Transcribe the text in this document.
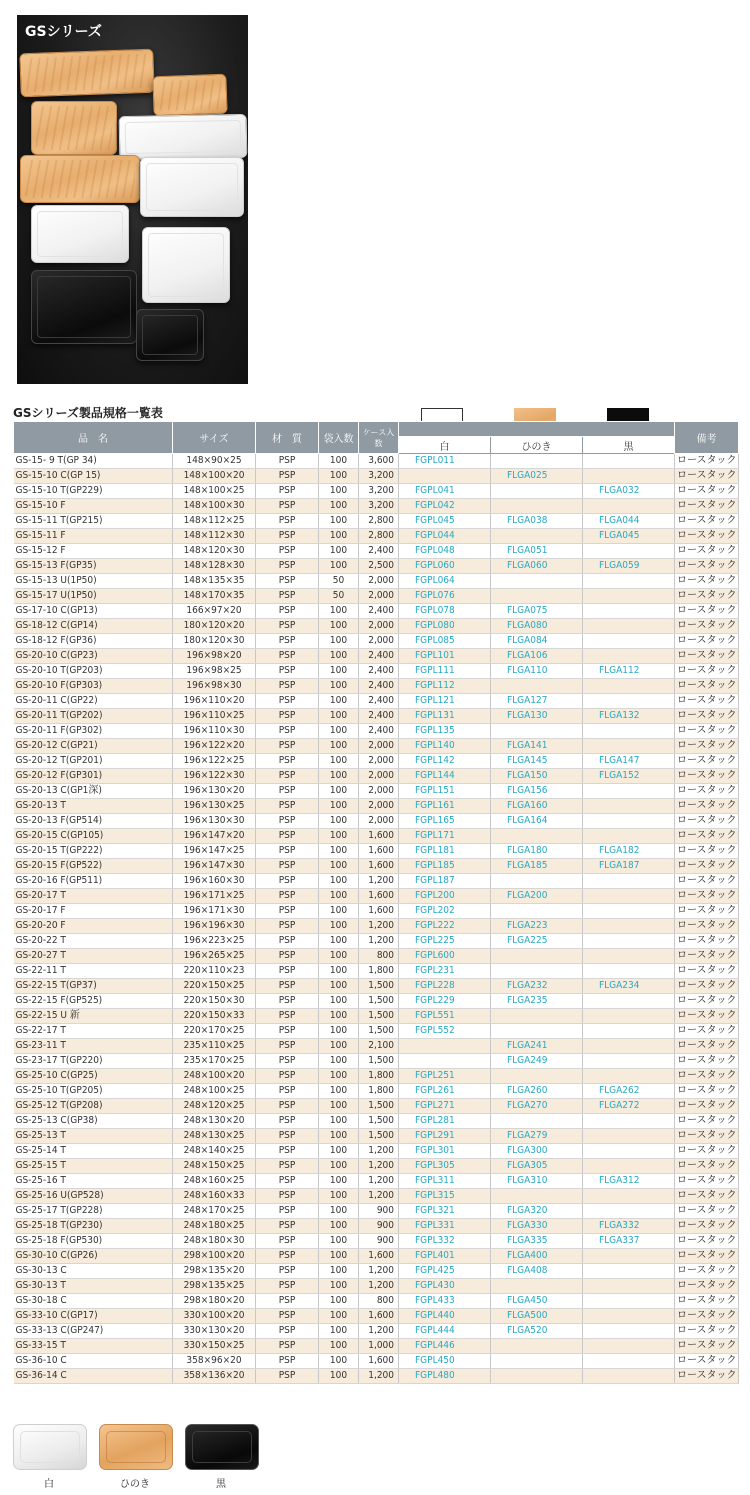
GSシリーズ
GSシリーズ製品規格一覧表
品　名	サイズ	材　質	袋入数	ケース入数				備考
					白	ひのき	黒	
GS-15- 9 T(GP 34)	148×90×25	PSP	100	3,600	FGPL011			ロースタック
GS-15-10 C(GP 15)	148×100×20	PSP	100	3,200		FLGA025		ロースタック
GS-15-10 T(GP229)	148×100×25	PSP	100	3,200	FGPL041		FLGA032	ロースタック
GS-15-10 F	148×100×30	PSP	100	3,200	FGPL042			ロースタック
GS-15-11 T(GP215)	148×112×25	PSP	100	2,800	FGPL045	FLGA038	FLGA044	ロースタック
GS-15-11 F	148×112×30	PSP	100	2,800	FGPL044		FLGA045	ロースタック
GS-15-12 F	148×120×30	PSP	100	2,400	FGPL048	FLGA051		ロースタック
GS-15-13 F(GP35)	148×128×30	PSP	100	2,500	FGPL060	FLGA060	FLGA059	ロースタック
GS-15-13 U(1P50)	148×135×35	PSP	50	2,000	FGPL064			ロースタック
GS-15-17 U(1P50)	148×170×35	PSP	50	2,000	FGPL076			ロースタック
GS-17-10 C(GP13)	166×97×20	PSP	100	2,400	FGPL078	FLGA075		ロースタック
GS-18-12 C(GP14)	180×120×20	PSP	100	2,000	FGPL080	FLGA080		ロースタック
GS-18-12 F(GP36)	180×120×30	PSP	100	2,000	FGPL085	FLGA084		ロースタック
GS-20-10 C(GP23)	196×98×20	PSP	100	2,400	FGPL101	FLGA106		ロースタック
GS-20-10 T(GP203)	196×98×25	PSP	100	2,400	FGPL111	FLGA110	FLGA112	ロースタック
GS-20-10 F(GP303)	196×98×30	PSP	100	2,400	FGPL112			ロースタック
GS-20-11 C(GP22)	196×110×20	PSP	100	2,400	FGPL121	FLGA127		ロースタック
GS-20-11 T(GP202)	196×110×25	PSP	100	2,400	FGPL131	FLGA130	FLGA132	ロースタック
GS-20-11 F(GP302)	196×110×30	PSP	100	2,400	FGPL135			ロースタック
GS-20-12 C(GP21)	196×122×20	PSP	100	2,000	FGPL140	FLGA141		ロースタック
GS-20-12 T(GP201)	196×122×25	PSP	100	2,000	FGPL142	FLGA145	FLGA147	ロースタック
GS-20-12 F(GP301)	196×122×30	PSP	100	2,000	FGPL144	FLGA150	FLGA152	ロースタック
GS-20-13 C(GP1深)	196×130×20	PSP	100	2,000	FGPL151	FLGA156		ロースタック
GS-20-13 T	196×130×25	PSP	100	2,000	FGPL161	FLGA160		ロースタック
GS-20-13 F(GP514)	196×130×30	PSP	100	2,000	FGPL165	FLGA164		ロースタック
GS-20-15 C(GP105)	196×147×20	PSP	100	1,600	FGPL171			ロースタック
GS-20-15 T(GP222)	196×147×25	PSP	100	1,600	FGPL181	FLGA180	FLGA182	ロースタック
GS-20-15 F(GP522)	196×147×30	PSP	100	1,600	FGPL185	FLGA185	FLGA187	ロースタック
GS-20-16 F(GP511)	196×160×30	PSP	100	1,200	FGPL187			ロースタック
GS-20-17 T	196×171×25	PSP	100	1,600	FGPL200	FLGA200		ロースタック
GS-20-17 F	196×171×30	PSP	100	1,600	FGPL202			ロースタック
GS-20-20 F	196×196×30	PSP	100	1,200	FGPL222	FLGA223		ロースタック
GS-20-22 T	196×223×25	PSP	100	1,200	FGPL225	FLGA225		ロースタック
GS-20-27 T	196×265×25	PSP	100	800	FGPL600			ロースタック
GS-22-11 T	220×110×23	PSP	100	1,800	FGPL231			ロースタック
GS-22-15 T(GP37)	220×150×25	PSP	100	1,500	FGPL228	FLGA232	FLGA234	ロースタック
GS-22-15 F(GP525)	220×150×30	PSP	100	1,500	FGPL229	FLGA235		ロースタック
GS-22-15 U 新	220×150×33	PSP	100	1,500	FGPL551			ロースタック
GS-22-17 T	220×170×25	PSP	100	1,500	FGPL552			ロースタック
GS-23-11 T	235×110×25	PSP	100	2,100		FLGA241		ロースタック
GS-23-17 T(GP220)	235×170×25	PSP	100	1,500		FLGA249		ロースタック
GS-25-10 C(GP25)	248×100×20	PSP	100	1,800	FGPL251			ロースタック
GS-25-10 T(GP205)	248×100×25	PSP	100	1,800	FGPL261	FLGA260	FLGA262	ロースタック
GS-25-12 T(GP208)	248×120×25	PSP	100	1,500	FGPL271	FLGA270	FLGA272	ロースタック
GS-25-13 C(GP38)	248×130×20	PSP	100	1,500	FGPL281			ロースタック
GS-25-13 T	248×130×25	PSP	100	1,500	FGPL291	FLGA279		ロースタック
GS-25-14 T	248×140×25	PSP	100	1,200	FGPL301	FLGA300		ロースタック
GS-25-15 T	248×150×25	PSP	100	1,200	FGPL305	FLGA305		ロースタック
GS-25-16 T	248×160×25	PSP	100	1,200	FGPL311	FLGA310	FLGA312	ロースタック
GS-25-16 U(GP528)	248×160×33	PSP	100	1,200	FGPL315			ロースタック
GS-25-17 T(GP228)	248×170×25	PSP	100	900	FGPL321	FLGA320		ロースタック
GS-25-18 T(GP230)	248×180×25	PSP	100	900	FGPL331	FLGA330	FLGA332	ロースタック
GS-25-18 F(GP530)	248×180×30	PSP	100	900	FGPL332	FLGA335	FLGA337	ロースタック
GS-30-10 C(GP26)	298×100×20	PSP	100	1,600	FGPL401	FLGA400		ロースタック
GS-30-13 C	298×135×20	PSP	100	1,200	FGPL425	FLGA408		ロースタック
GS-30-13 T	298×135×25	PSP	100	1,200	FGPL430			ロースタック
GS-30-18 C	298×180×20	PSP	100	800	FGPL433	FLGA450		ロースタック
GS-33-10 C(GP17)	330×100×20	PSP	100	1,600	FGPL440	FLGA500		ロースタック
GS-33-13 C(GP247)	330×130×20	PSP	100	1,200	FGPL444	FLGA520		ロースタック
GS-33-15 T	330×150×25	PSP	100	1,000	FGPL446			ロースタック
GS-36-10 C	358×96×20	PSP	100	1,600	FGPL450			ロースタック
GS-36-14 C	358×136×20	PSP	100	1,200	FGPL480			ロースタック
白	ひのき	黒
